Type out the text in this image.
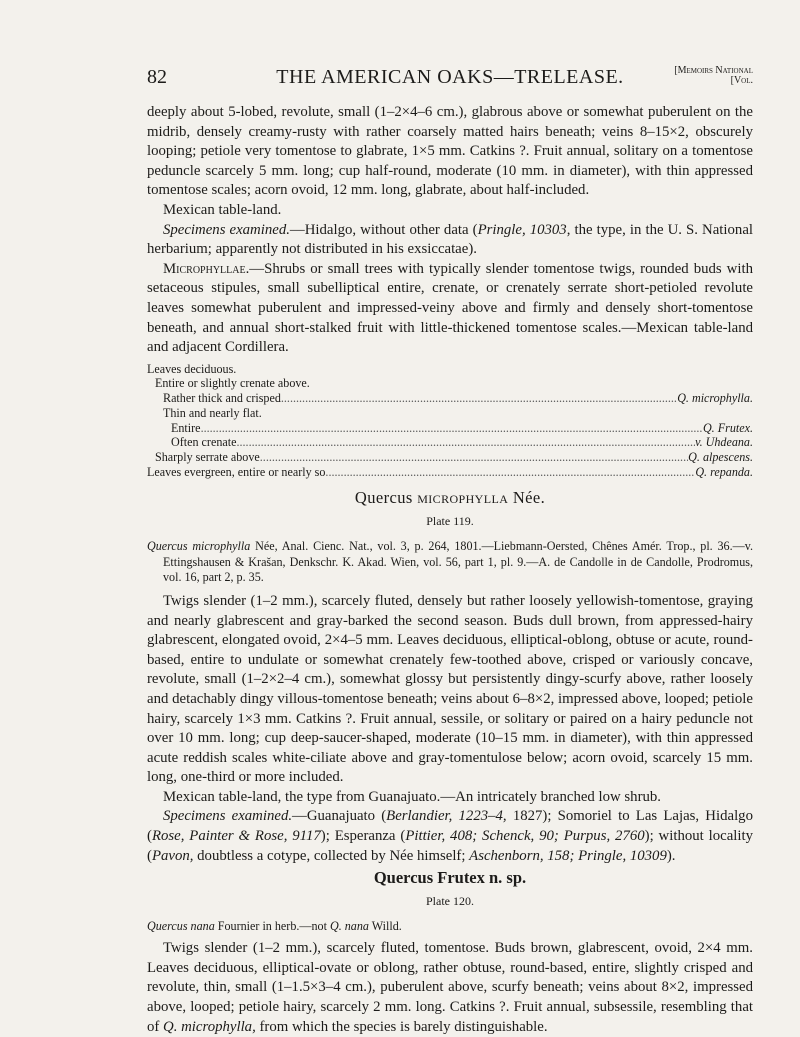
82	THE AMERICAN OAKS—TRELEASE.	[Memoirs National
[Vol.

deeply about 5-lobed, revolute, small (1–2×4–6 cm.), glabrous above or somewhat puberulent on the midrib, densely creamy-rusty with rather coarsely matted hairs beneath; veins 8–15×2, obscurely looping; petiole very tomentose to glabrate, 1×5 mm. Catkins ?. Fruit annual, solitary on a tomentose peduncle scarcely 5 mm. long; cup half-round, moderate (10 mm. in diameter), with thin appressed tomentose scales; acorn ovoid, 12 mm. long, glabrate, about half-included.

Mexican table-land.

Specimens examined.—Hidalgo, without other data (Pringle, 10303, the type, in the U. S. National herbarium; apparently not distributed in his exsiccatae).

Microphyllae.—Shrubs or small trees with typically slender tomentose twigs, rounded buds with setaceous stipules, small subelliptical entire, crenate, or crenately serrate short-petioled revolute leaves somewhat puberulent and impressed-veiny above and firmly and densely short-tomentose beneath, and annual short-stalked fruit with little-thickened tomentose scales.—Mexican table-land and adjacent Cordillera.

Leaves deciduous.
Entire or slightly crenate above.
Rather thick and crisped .....	Q. microphylla.
Thin and nearly flat.
Entire .....	Q. Frutex.
Often crenate .....	v. Uhdeana.
Sharply serrate above .....	Q. alpescens.
Leaves evergreen, entire or nearly so .....	Q. repanda.
Quercus microphylla Née.
Plate 119.

Quercus microphylla Née, Anal. Cienc. Nat., vol. 3, p. 264, 1801.—Liebmann-Oersted, Chênes Amér. Trop., pl. 36.—v. Ettingshausen & Krašan, Denkschr. K. Akad. Wien, vol. 56, part 1, pl. 9.—A. de Candolle in de Candolle, Prodromus, vol. 16, part 2, p. 35.

Twigs slender (1–2 mm.), scarcely fluted, densely but rather loosely yellowish-tomentose, graying and nearly glabrescent and gray-barked the second season. Buds dull brown, from appressed-hairy glabrescent, elongated ovoid, 2×4–5 mm. Leaves deciduous, elliptical-oblong, obtuse or acute, round-based, entire to undulate or somewhat crenately few-toothed above, crisped or variously concave, revolute, small (1–2×2–4 cm.), somewhat glossy but persistently dingy-scurfy above, rather loosely and detachably dingy villous-tomentose beneath; veins about 6–8×2, impressed above, looped; petiole hairy, scarcely 1×3 mm. Catkins ?. Fruit annual, sessile, or solitary or paired on a hairy peduncle not over 10 mm. long; cup deep-saucer-shaped, moderate (10–15 mm. in diameter), with thin appressed acute reddish scales white-ciliate above and gray-tomentulose below; acorn ovoid, scarcely 15 mm. long, one-third or more included.

Mexican table-land, the type from Guanajuato.—An intricately branched low shrub.

Specimens examined.—Guanajuato (Berlandier, 1223–4, 1827); Somoriel to Las Lajas, Hidalgo (Rose, Painter & Rose, 9117); Esperanza (Pittier, 408; Schenck, 90; Purpus, 2760); without locality (Pavon, doubtless a cotype, collected by Née himself; Aschenborn, 158; Pringle, 10309).

Quercus Frutex n. sp.
Plate 120.

Quercus nana Fournier in herb.—not Q. nana Willd.

Twigs slender (1–2 mm.), scarcely fluted, tomentose. Buds brown, glabrescent, ovoid, 2×4 mm. Leaves deciduous, elliptical-ovate or oblong, rather obtuse, round-based, entire, slightly crisped and revolute, thin, small (1–1.5×3–4 cm.), puberulent above, scurfy beneath; veins about 8×2, impressed above, looped; petiole hairy, scarcely 2 mm. long. Catkins ?. Fruit annual, subsessile, resembling that of Q. microphylla, from which the species is barely distinguishable.
